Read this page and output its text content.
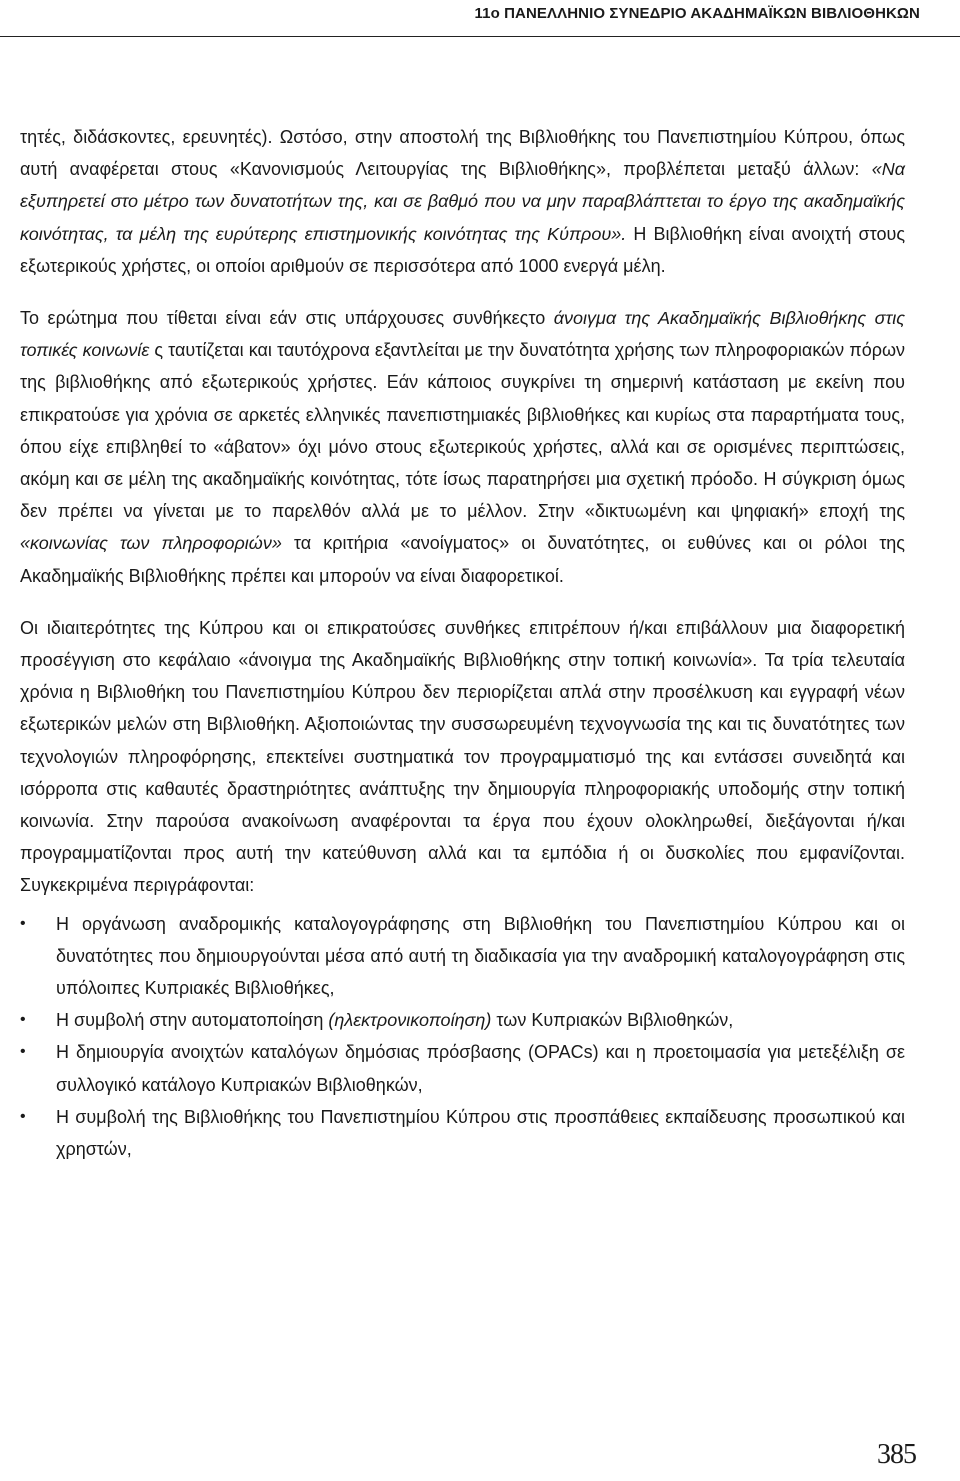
11ο ΠΑΝΕΛΛΗΝΙΟ ΣΥΝΕΔΡΙΟ ΑΚΑΔΗΜΑΪΚΩΝ ΒΙΒΛΙΟΘΗΚΩΝ

τητές, διδάσκοντες, ερευνητές). Ωστόσο, στην αποστολή της Βιβλιοθήκης του Πανεπιστημίου Κύπρου, όπως αυτή αναφέρεται στους «Κανονισμούς Λειτουργίας της Βιβλιοθήκης», προβλέπεται μεταξύ άλλων: «Να εξυπηρετεί στο μέτρο των δυνατοτήτων της, και σε βαθμό που να μην παραβλάπτεται το έργο της ακαδημαϊκής κοινότητας, τα μέλη της ευρύτερης επιστημονικής κοινότητας της Κύπρου». Η Βιβλιοθήκη είναι ανοιχτή στους εξωτερικούς χρήστες, οι οποίοι αριθμούν σε περισσότερα από 1000 ενεργά μέλη.

Το ερώτημα που τίθεται είναι εάν στις υπάρχουσες συνθήκεςτο άνοιγμα της Ακαδημαϊκής Βιβλιοθήκης στις τοπικές κοινωνίε ς ταυτίζεται και ταυτόχρονα εξαντλείται με την δυνατότητα χρήσης των πληροφοριακών πόρων της βιβλιοθήκης από εξωτερικούς χρήστες. Εάν κάποιος συγκρίνει τη σημερινή κατάσταση με εκείνη που επικρατούσε για χρόνια σε αρκετές ελληνικές πανεπιστημιακές βιβλιοθήκες και κυρίως στα παραρτήματα τους, όπου είχε επιβληθεί το «άβατον» όχι μόνο στους εξωτερικούς χρήστες, αλλά και σε ορισμένες περιπτώσεις, ακόμη και σε μέλη της ακαδημαϊκής κοινότητας, τότε ίσως παρατηρήσει μια σχετική πρόοδο. Η σύγκριση όμως δεν πρέπει να γίνεται με το παρελθόν αλλά με το μέλλον. Στην «δικτυωμένη και ψηφιακή» εποχή της «κοινωνίας των πληροφοριών» τα κριτήρια «ανοίγματος» οι δυνατότητες, οι ευθύνες και οι ρόλοι της Ακαδημαϊκής Βιβλιοθήκης πρέπει και μπορούν να είναι διαφορετικοί.

Οι ιδιαιτερότητες της Κύπρου και οι επικρατούσες συνθήκες επιτρέπουν ή/και επιβάλλουν μια διαφορετική προσέγγιση στο κεφάλαιο «άνοιγμα της Ακαδημαϊκής Βιβλιοθήκης στην τοπική κοινωνία». Τα τρία τελευταία χρόνια η Βιβλιοθήκη του Πανεπιστημίου Κύπρου δεν περιορίζεται απλά στην προσέλκυση και εγγραφή νέων εξωτερικών μελών στη Βιβλιοθήκη. Αξιοποιώντας την συσσωρευμένη τεχνογνωσία της και τις δυνατότητες των τεχνολογιών πληροφόρησης, επεκτείνει συστηματικά τον προγραμματισμό της και εντάσσει συνειδητά και ισόρροπα στις καθαυτές δραστηριότητες ανάπτυξης την δημιουργία πληροφοριακής υποδομής στην τοπική κοινωνία. Στην παρούσα ανακοίνωση αναφέρονται τα έργα που έχουν ολοκληρωθεί, διεξάγονται ή/και προγραμματίζονται προς αυτή την κατεύθυνση αλλά και τα εμπόδια ή οι δυσκολίες που εμφανίζονται. Συγκεκριμένα περιγράφονται:

• Η οργάνωση αναδρομικής καταλογογράφησης στη Βιβλιοθήκη του Πανεπιστημίου Κύπρου και οι δυνατότητες που δημιουργούνται μέσα από αυτή τη διαδικασία για την αναδρομική καταλογογράφηση στις υπόλοιπες Κυπριακές Βιβλιοθήκες,
• Η συμβολή στην αυτοματοποίηση (ηλεκτρονικοποίηση) των Κυπριακών Βιβλιοθηκών,
• Η δημιουργία ανοιχτών καταλόγων δημόσιας πρόσβασης (OPACs) και η προετοιμασία για μετεξέλιξη σε συλλογικό κατάλογο Κυπριακών Βιβλιοθηκών,
• Η συμβολή της Βιβλιοθήκης του Πανεπιστημίου Κύπρου στις προσπάθειες εκπαίδευσης προσωπικού και χρηστών,
385
